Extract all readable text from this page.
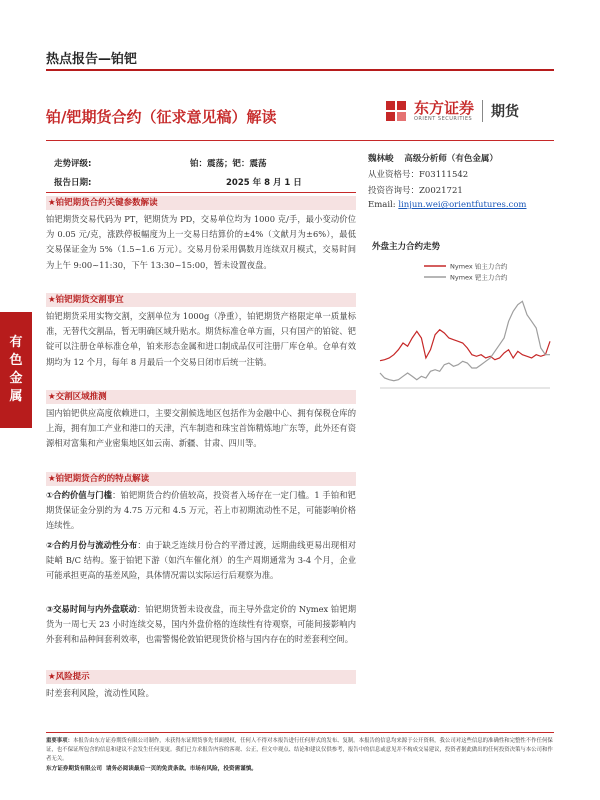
热点报告—铂钯
铂/钯期货合约（征求意见稿）解读
东方证券
ORIENT SECURITIES 期货
走势评级:	铂：震荡；钯：震荡
报告日期:	2025 年 8 月 1 日
魏林峻 高级分析师（有色金属）
从业资格号：F03111542
投资咨询号：Z0021721
Email: linjun.wei@orientfutures.com
外盘主力合约走势
Nymex 铂主力合约
Nymex 钯主力合约
有
色
金
属
★铂钯期货合约关键参数解读
铂钯期货交易代码为 PT，钯期货为 PD，交易单位均为 1000 克/手，最小变动价位为 0.05 元/克，涨跌停板幅度为上一交易日结算价的±4%（文献月为±6%），最低交易保证金为 5%（1.5~1.6 万元）。交易月份采用偶数月连续双月模式，交易时间为上午 9:00~11:30，下午 13:30~15:00，暂未设置夜盘。
★铂钯期货交割事宜
铂钯期货采用实物交割，交割单位为 1000g（净重），铂钯期货产格限定单一质量标准，无替代交割品，暂无明确区域升贴水。期货标准仓单方面，只有国产的铂锭、钯锭可以注册仓单标准仓单，铂来形态金属和进口制成品仅可注册厂库仓单。仓单有效期均为 12 个月，每年 8 月最后一个交易日闭市后统一注销。
★交割区域推测
国内铂钯供应高度依赖进口，主要交割候选地区包括作为金融中心、拥有保税仓库的上海，拥有加工产业和港口的天津，汽车制造和珠宝首饰精炼地广东等，此外还有资源相对富集和产业密集地区如云南、新疆、甘肃、四川等。
★铂钯期货合约的特点解读
①合约价值与门槛：铂钯期货合约价值较高，投资者入场存在一定门槛。1 手铂和钯期货保证金分别约为 4.75 万元和 4.5 万元，若上市初期流动性不足，可能影响价格连续性。
②合约月份与流动性分布：由于缺乏连续月份合约平滑过渡，远期曲线更易出现相对陡峭 B/C 结构。鉴于铂钯下游（如汽车催化剂）的生产周期通常为 3-4 个月，企业可能承担更高的基差风险，具体情况需以实际运行后观察为准。
③交易时间与内外盘联动：铂钯期货暂未设夜盘，而主导外盘定价的 Nymex 铂钯期货为一周七天 23 小时连续交易，国内外盘价格的连续性有待观察，可能间接影响内外套利和品种间套利效率，也需警惕伦敦铂钯现货价格与国内存在的时差套利空间。
★风险提示
时差套利风险，流动性风险。
重要事项：本报告由东方证券期货有限公司制作，未获得东证期货事先书面授权，任何人不得对本报告进行任何形式的发布、复制。本报告的信息均来源于公开资料，我公司对这些信息的准确性和完整性不作任何保证，也不保证所包含的信息和建议不会发生任何变更。我们已力求报告内容的客观、公正，但文中观点、结论和建议仅供参考，报告中的信息或意见并不构成交易建议，投资者据此做出的任何投资决策与本公司和作者无关。
东方证券期货有限公司 请务必阅读最后一页的免责条款。市场有风险，投资需谨慎。
